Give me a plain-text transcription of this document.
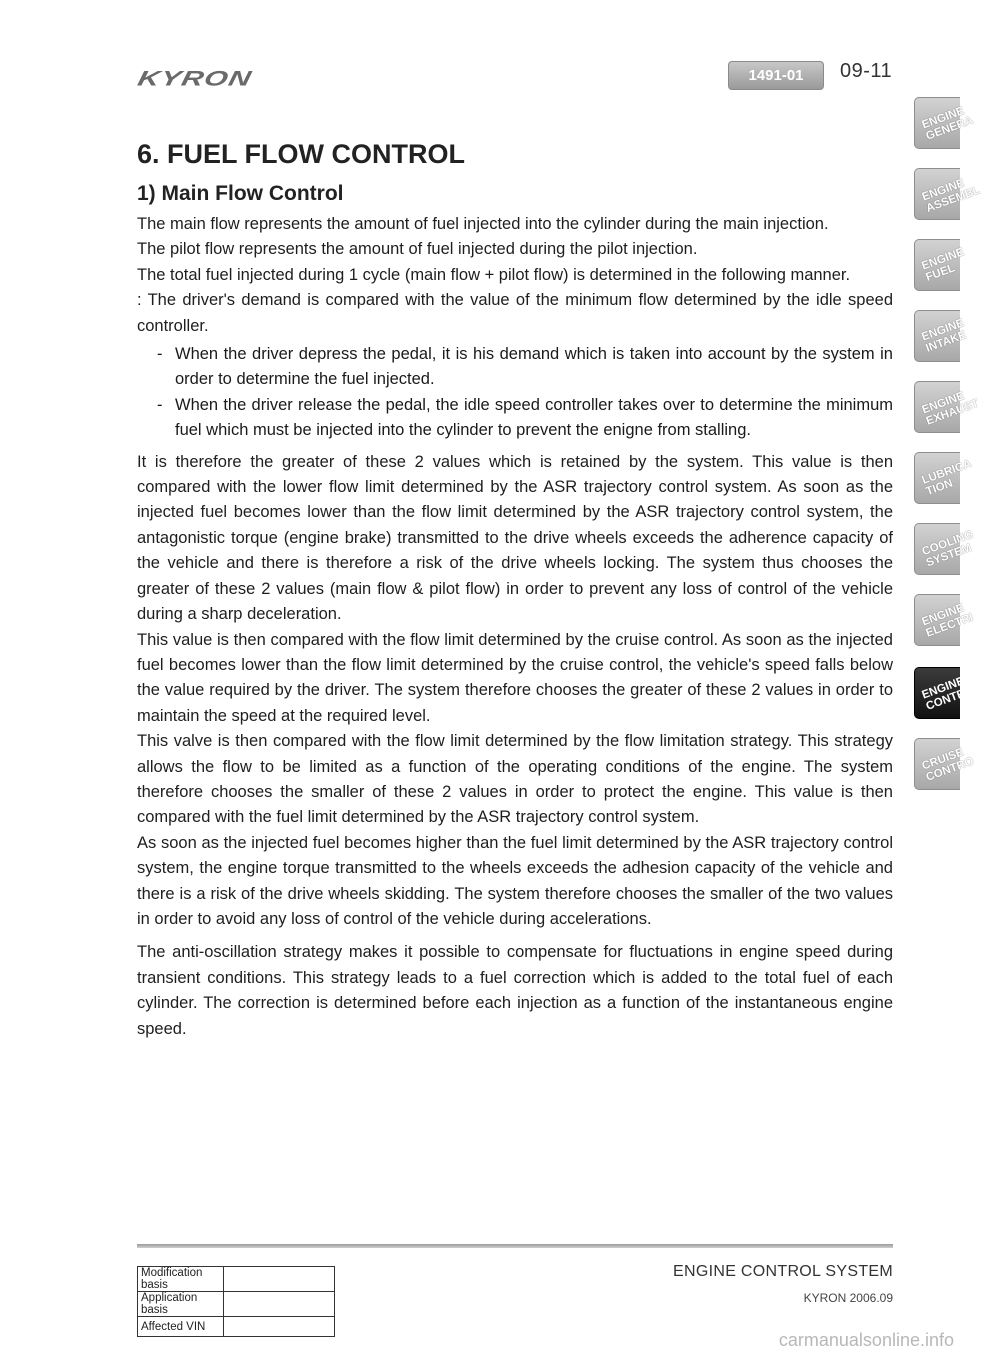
KYRON	1491-01	09-11
6. FUEL FLOW CONTROL
1) Main Flow Control

The main flow represents the amount of fuel injected into the cylinder during the main injection.

The pilot flow represents the amount of fuel injected during the pilot injection.

The total fuel injected during 1 cycle (main flow + pilot flow) is determined in the following manner.

: The driver's demand is compared with the value of the minimum flow determined by the idle speed controller.

- When the driver depress the pedal, it is his demand which is taken into account by the system in order to determine the fuel injected.
- When the driver release the pedal, the idle speed controller takes over to determine the minimum fuel which must be injected into the cylinder to prevent the enigne from stalling.

It is therefore the greater of these 2 values which is retained by the system. This value is then compared with the lower flow limit determined by the ASR trajectory control system. As soon as the injected fuel becomes lower than the flow limit determined by the ASR trajectory control system, the antagonistic torque (engine brake) transmitted to the drive wheels exceeds the adherence capacity of the vehicle and there is therefore a risk of the drive wheels locking. The system thus chooses the greater of these 2 values (main flow & pilot flow) in order to prevent any loss of control of the vehicle during a sharp deceleration.

This value is then compared with the flow limit determined by the cruise control. As soon as the injected fuel becomes lower than the flow limit determined by the cruise control, the vehicle's speed falls below the value required by the driver. The system therefore chooses the greater of these 2 values in order to maintain the speed at the required level.

This valve is then compared with the flow limit determined by the flow limitation strategy. This strategy allows the flow to be limited as a function of the operating conditions of the engine. The system therefore chooses the smaller of these 2 values in order to protect the engine. This value is then compared with the fuel limit determined by the ASR trajectory control system.

As soon as the injected fuel becomes higher than the fuel limit determined by the ASR trajectory control system, the engine torque transmitted to the wheels exceeds the adhesion capacity of the vehicle and there is a risk of the drive wheels skidding. The system therefore chooses the smaller of the two values in order to avoid any loss of control of the vehicle during accelerations.

The anti-oscillation strategy makes it possible to compensate for fluctuations in engine speed during transient conditions. This strategy leads to a fuel correction which is added to the total fuel of each cylinder. The correction is determined before each injection as a function of the instantaneous engine speed.

ENGINE
GENERA
ENGINE
ASSEMBL
ENGINE
FUEL
ENGINE
INTAKE
ENGINE
EXHAUST
LUBRICA
TION
COOLING
SYSTEM
ENGINE
ELECTRI
ENGINE
CONTRO
CRUISE
CONTRO
Modification basis	
Application basis	
Affected VIN	
ENGINE CONTROL SYSTEM
KYRON 2006.09
carmanualsonline.info
